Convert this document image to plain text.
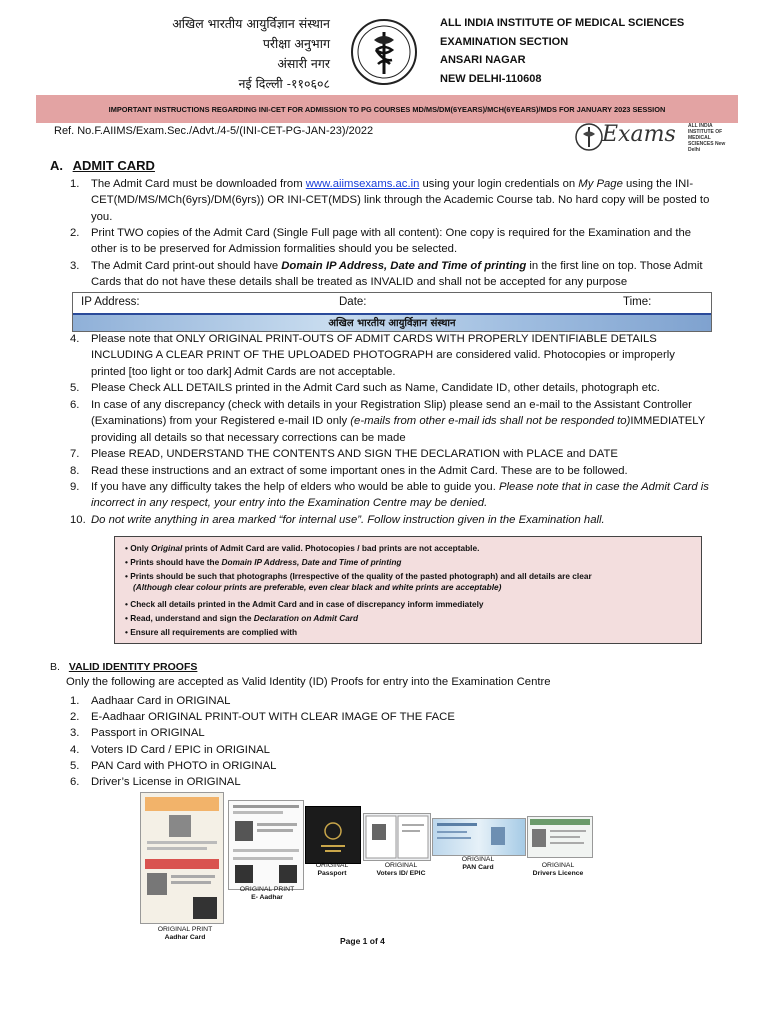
अखिल भारतीय आयुर्विज्ञान संस्थान
परीक्षा अनुभाग
अंसारी नगर
नई दिल्ली -११०६०८
ALL INDIA INSTITUTE OF MEDICAL SCIENCES
EXAMINATION SECTION
ANSARI NAGAR
NEW DELHI-110608
IMPORTANT INSTRUCTIONS REGARDING INI-CET FOR ADMISSION TO PG COURSES MD/MS/DM(6YEARS)/MCH(6YEARS)/MDS FOR JANUARY 2023 SESSION
Ref. No.F.AIIMS/Exam.Sec./Advt./4-5/(INI-CET-PG-JAN-23)/2022	Exams ALL INDIA INSTITUTE OF MEDICAL SCIENCES New Delhi
A. ADMIT CARD
1.	The Admit Card must be downloaded from www.aiimsexams.ac.in using your login credentials on My Page using the INI-CET(MD/MS/MCh(6yrs)/DM(6yrs)) OR INI-CET(MDS) link through the Academic Course tab. No hard copy will be posted to you.
2.	Print TWO copies of the Admit Card (Single Full page with all content): One copy is required for the Examination and the other is to be preserved for Admission formalities should you be selected.
3.	The Admit Card print-out should have Domain IP Address, Date and Time of printing in the first line on top. Those Admit Cards that do not have these details shall be treated as INVALID and shall not be accepted for any purpose
IP Address:	Date:	Time:
अखिल भारतीय आयुर्विज्ञान संस्थान
4.	Please note that ONLY ORIGINAL PRINT-OUTS OF ADMIT CARDS WITH PROPERLY IDENTIFIABLE DETAILS INCLUDING A CLEAR PRINT OF THE UPLOADED PHOTOGRAPH are considered valid. Photocopies or improperly printed [too light or too dark] Admit Cards are not acceptable.
5.	Please Check ALL DETAILS printed in the Admit Card such as Name, Candidate ID, other details, photograph etc.
6.	In case of any discrepancy (check with details in your Registration Slip) please send an e-mail to the Assistant Controller (Examinations) from your Registered e-mail ID only (e-mails from other e-mail ids shall not be responded to)IMMEDIATELY providing all details so that necessary corrections can be made
7.	Please READ, UNDERSTAND THE CONTENTS AND SIGN THE DECLARATION with PLACE and DATE
8.	Read these instructions and an extract of some important ones in the Admit Card. These are to be followed.
9.	If you have any difficulty takes the help of elders who would be able to guide you. Please note that in case the Admit Card is incorrect in any respect, your entry into the Examination Centre may be denied.
10. Do not write anything in area marked “for internal use”. Follow instruction given in the Examination hall.
• Only Original prints of Admit Card are valid. Photocopies / bad prints are not acceptable.
• Prints should have the Domain IP Address, Date and Time of printing
• Prints should be such that photographs (Irrespective of the quality of the pasted photograph) and all details are clear
(Although clear colour prints are preferable, even clear black and white prints are acceptable)
• Check all details printed in the Admit Card and in case of discrepancy inform immediately
• Read, understand and sign the Declaration on Admit Card
• Ensure all requirements are complied with
B. VALID IDENTITY PROOFS
Only the following are accepted as Valid Identity (ID) Proofs for entry into the Examination Centre
1.	Aadhaar Card in ORIGINAL
2.	E-Aadhaar ORIGINAL PRINT-OUT WITH CLEAR IMAGE OF THE FACE
3.	Passport in ORIGINAL
4.	Voters ID Card / EPIC in ORIGINAL
5.	PAN Card with PHOTO in ORIGINAL
6.	Driver’s License in ORIGINAL
ORIGINAL PRINT
Aadhar Card
ORIGINAL PRINT
E- Aadhar
ORIGINAL
Passport
ORIGINAL
Voters ID/ EPIC
ORIGINAL
PAN Card	ORIGINAL
Drivers Licence
Page 1 of 4
